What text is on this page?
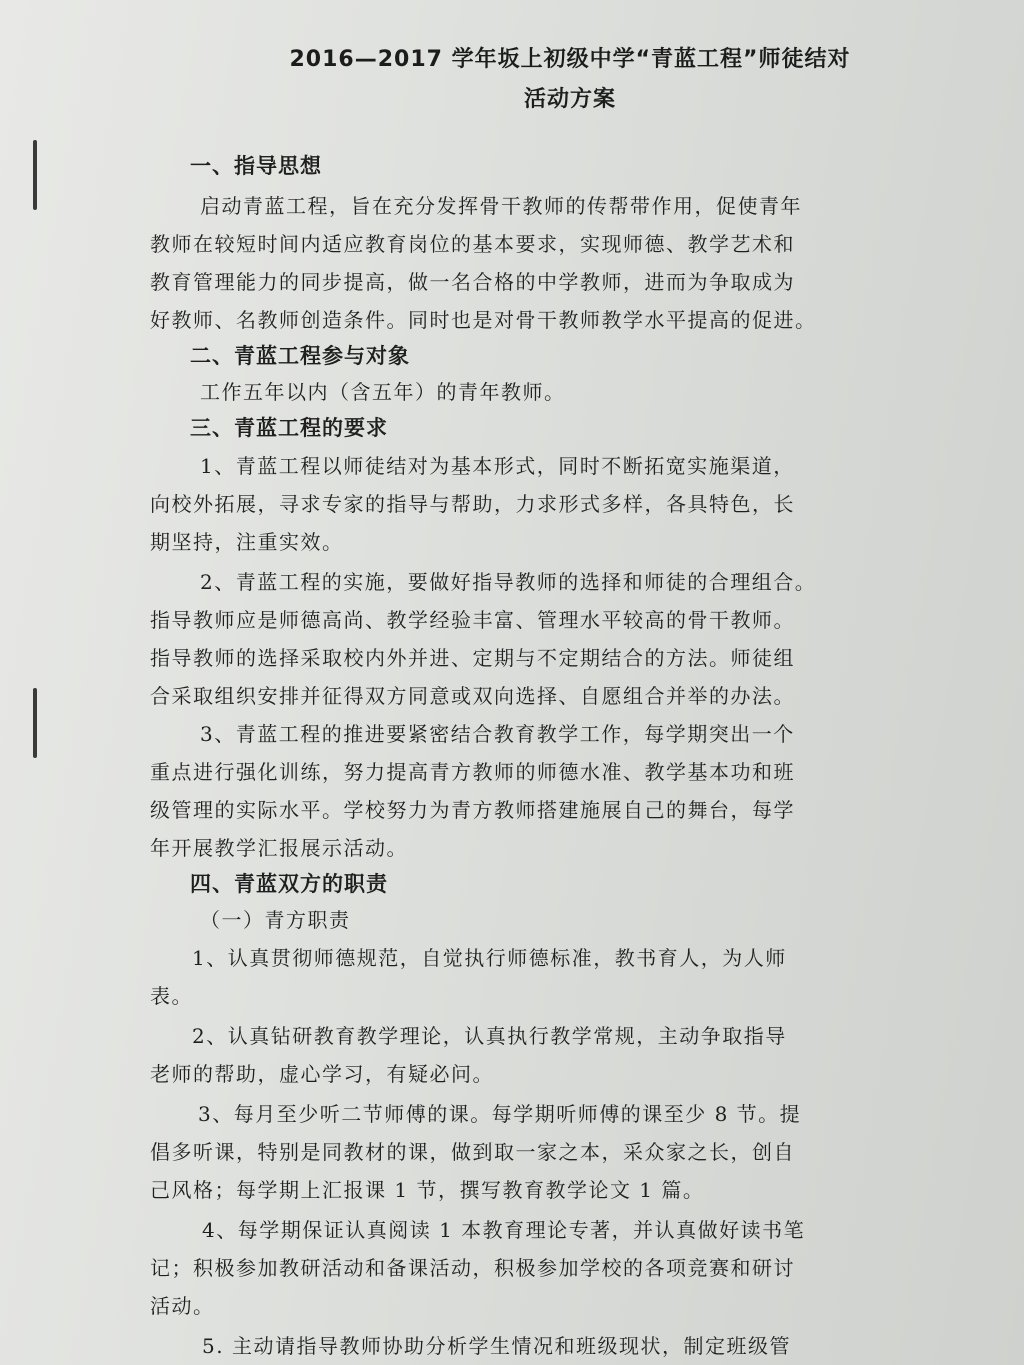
2016—2017 学年坂上初级中学“青蓝工程”师徒结对
活动方案
一、指导思想
启动青蓝工程，旨在充分发挥骨干教师的传帮带作用，促使青年
教师在较短时间内适应教育岗位的基本要求，实现师德、教学艺术和
教育管理能力的同步提高，做一名合格的中学教师，进而为争取成为
好教师、名教师创造条件。同时也是对骨干教师教学水平提高的促进。
二、青蓝工程参与对象
工作五年以内（含五年）的青年教师。
三、青蓝工程的要求
1、青蓝工程以师徒结对为基本形式，同时不断拓宽实施渠道，
向校外拓展，寻求专家的指导与帮助，力求形式多样，各具特色，长
期坚持，注重实效。
2、青蓝工程的实施，要做好指导教师的选择和师徒的合理组合。
指导教师应是师德高尚、教学经验丰富、管理水平较高的骨干教师。
指导教师的选择采取校内外并进、定期与不定期结合的方法。师徒组
合采取组织安排并征得双方同意或双向选择、自愿组合并举的办法。
3、青蓝工程的推进要紧密结合教育教学工作，每学期突出一个
重点进行强化训练，努力提高青方教师的师德水准、教学基本功和班
级管理的实际水平。学校努力为青方教师搭建施展自己的舞台，每学
年开展教学汇报展示活动。
四、青蓝双方的职责
（一）青方职责
1、认真贯彻师德规范，自觉执行师德标准，教书育人，为人师
表。
2、认真钻研教育教学理论，认真执行教学常规，主动争取指导
老师的帮助，虚心学习，有疑必问。
3、每月至少听二节师傅的课。每学期听师傅的课至少 8 节。提
倡多听课，特别是同教材的课，做到取一家之本，采众家之长，创自
己风格；每学期上汇报课 1 节，撰写教育教学论文 1 篇。
4、每学期保证认真阅读 1 本教育理论专著，并认真做好读书笔
记；积极参加教研活动和备课活动，积极参加学校的各项竞赛和研讨
活动。
5. 主动请指导教师协助分析学生情况和班级现状，制定班级管
